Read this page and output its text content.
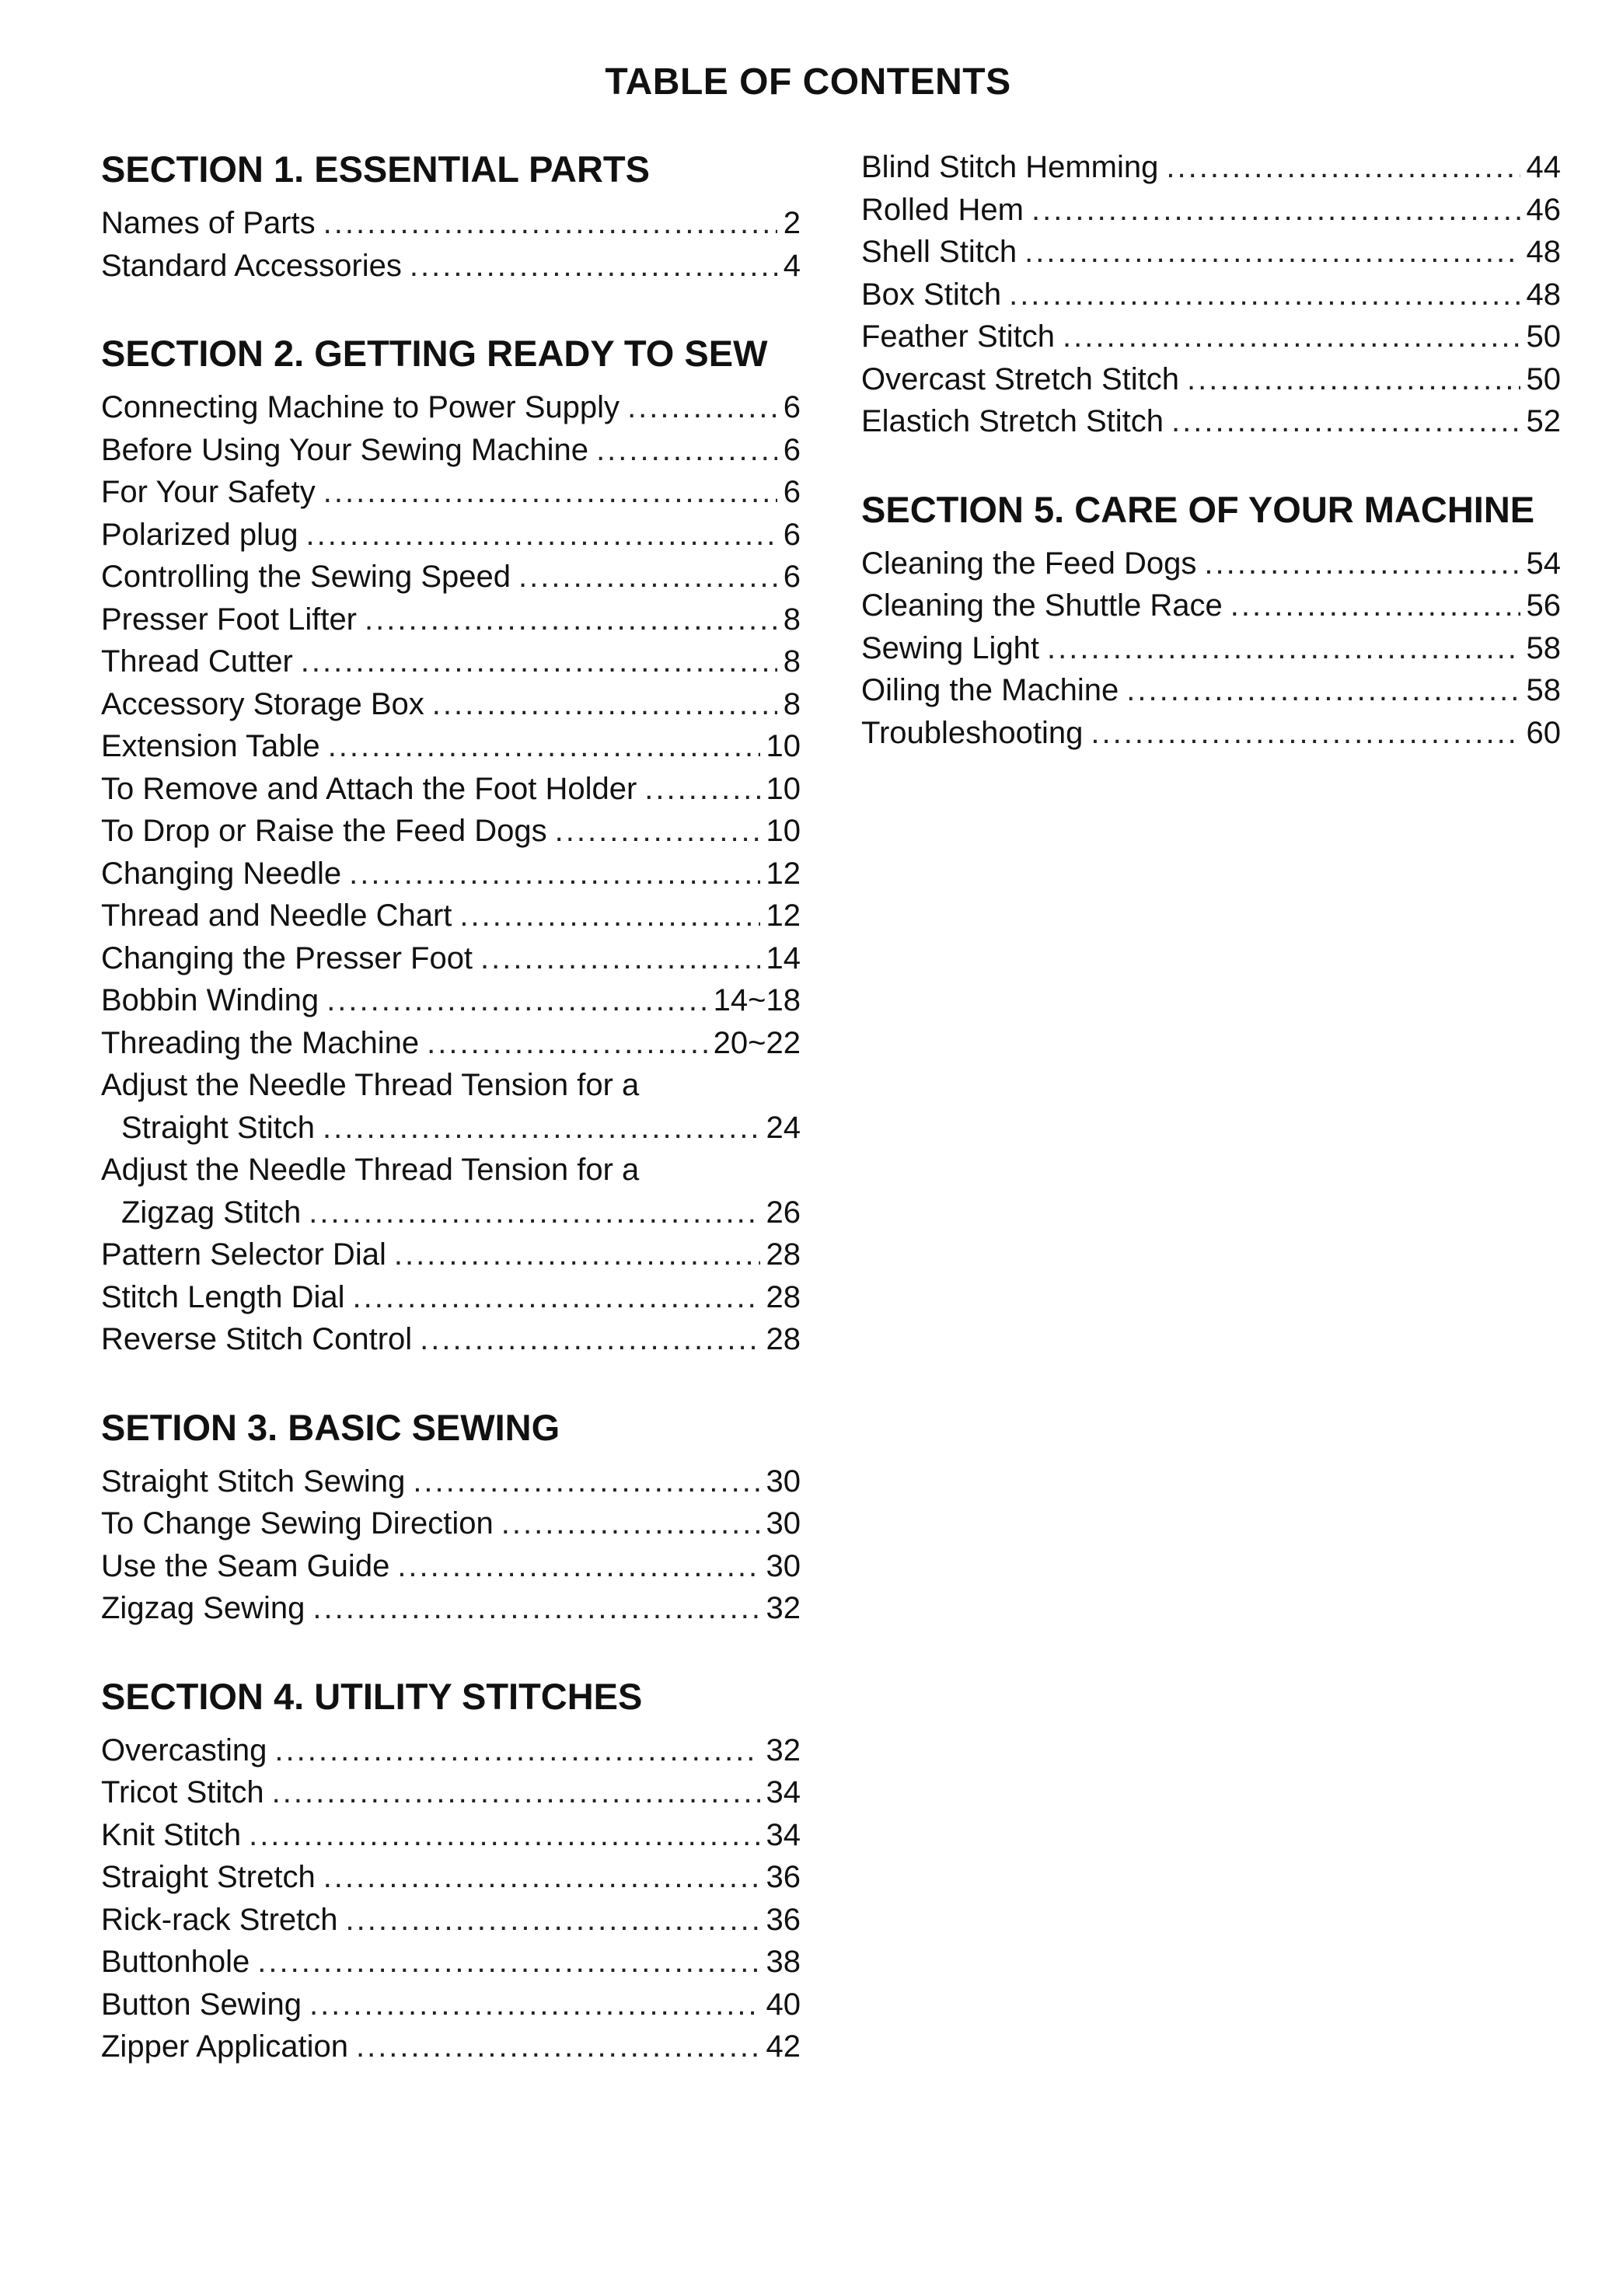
TABLE OF CONTENTS
SECTION 1. ESSENTIAL PARTS
Names of Parts .....	2
Standard Accessories .....	4
SECTION 2. GETTING READY TO SEW
Connecting Machine to Power Supply .....	6
Before Using Your Sewing Machine .....	6
For Your Safety .....	6
Polarized plug .....	6
Controlling the Sewing Speed .....	6
Presser Foot Lifter .....	8
Thread Cutter .....	8
Accessory Storage Box .....	8
Extension Table .....	10
To Remove and Attach the Foot Holder .....	10
To Drop or Raise the Feed Dogs .....	10
Changing Needle .....	12
Thread and Needle Chart .....	12
Changing the Presser Foot .....	14
Bobbin Winding .....	14~18
Threading the Machine .....	20~22
Adjust the Needle Thread Tension for a
Straight Stitch .....	24
Adjust the Needle Thread Tension for a
Zigzag Stitch .....	26
Pattern Selector Dial .....	28
Stitch Length Dial .....	28
Reverse Stitch Control .....	28
SETION 3. BASIC SEWING
Straight Stitch Sewing .....	30
To Change Sewing Direction .....	30
Use the Seam Guide .....	30
Zigzag Sewing .....	32
SECTION 4. UTILITY STITCHES
Overcasting .....	32
Tricot Stitch .....	34
Knit Stitch .....	34
Straight Stretch .....	36
Rick-rack Stretch .....	36
Buttonhole .....	38
Button Sewing .....	40
Zipper Application .....	42
Blind Stitch Hemming .....	44
Rolled Hem .....	46
Shell Stitch .....	48
Box Stitch .....	48
Feather Stitch .....	50
Overcast Stretch Stitch .....	50
Elastich Stretch Stitch .....	52
SECTION 5. CARE OF YOUR MACHINE
Cleaning the Feed Dogs .....	54
Cleaning the Shuttle Race .....	56
Sewing Light .....	58
Oiling the Machine .....	58
Troubleshooting .....	60
